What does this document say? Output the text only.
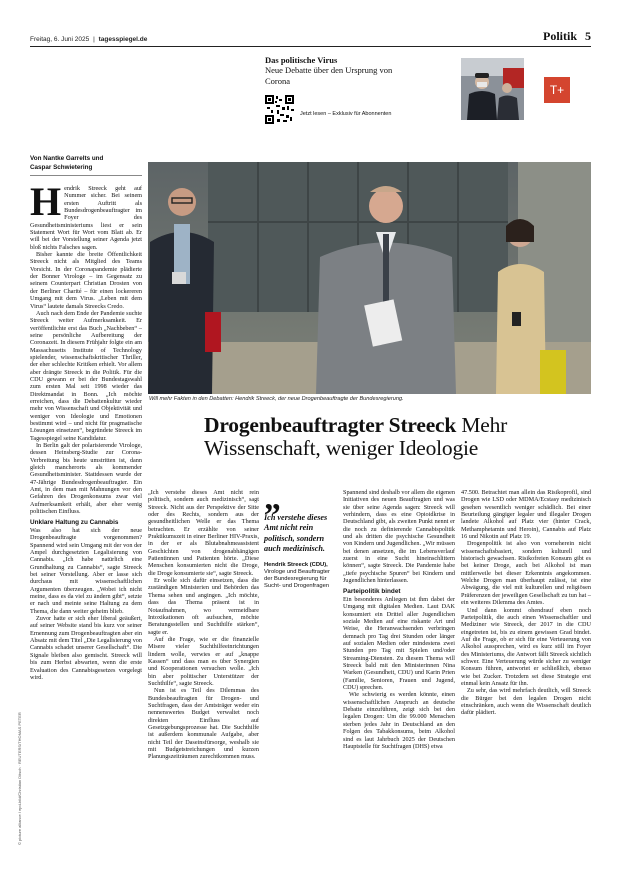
Freitag, 6. Juni 2025 | tagesspiegel.de	Politik 5
Das politische Virus
Neue Debatte über den Ursprung von Corona
Jetzt lesen – Exklusiv für Abonnenten
T+
Von Nantke Garrelts und
Caspar Schwietering
Will mehr Fakten in den Debatten: Hendrik Streeck, der neue Drogenbeauftragte der Bundesregierung.
© picture alliance / epd-bild/Christian Ditsch · REUTERS/THOMAS PETER
Drogenbeauftragter Streeck Mehr Wissenschaft, weniger Ideologie

H endrik Streeck geht auf Nummer sicher. Bei seinem ersten Auftritt als Bundesdrogenbeauftragter im Foyer des Gesundheitsministeriums liest er sein Statement Wort für Wort vom Blatt ab. Er will bei der Vorstellung seiner Agenda jetzt bloß nichts Falsches sagen.

Bisher kannte die breite Öffentlichkeit Streeck nicht als Mitglied des Teams Vorsicht. In der Coronapandemie plädierte der Bonner Virologe – im Gegensatz zu seinem Counterpart Christian Drosten von der Berliner Charité – für einen lockereren Umgang mit dem Virus. „Leben mit dem Virus“ lautete damals Streecks Credo.

Auch nach dem Ende der Pandemie suchte Streeck weiter Aufmerksamkeit. Er veröffentlichte erst das Buch „Nachbeben“ – seine persönliche Aufbereitung der Coronazeit. In diesem Frühjahr folgte ein am Massachusetts Institute of Technology spielender, wissenschaftskritischer Thriller, der eher schlechte Kritiken erhielt. Vor allem aber drängte Streeck in die Politik. Für die CDU gewann er bei der Bundestagswahl zum ersten Mal seit 1998 wieder das Direktmandat in Bonn. „Ich möchte erreichen, dass die Debattenkultur wieder mehr von Wissenschaft und Objektivität und weniger von Ideologie und Emotionen bestimmt wird – und nicht für pragmatische Lösungen einsetzen“, begründete Streeck im Tagesspiegel seine Kandidatur.

In Berlin galt der polarisierende Virologe, dessen Heinsberg-Studie zur Corona-Verbreitung bis heute umstritten ist, dann gleich mancherorts als kommender Gesundheitsminister. Stattdessen wurde der 47-Jährige Bundesdrogenbeauftragter. Ein Amt, in dem man mit Mahnungen vor den Gefahren des Drogenkonsums zwar viel Aufmerksamkeit erhält, aber eher wenig politischen Einfluss.

Unklare Haltung zu Cannabis

Was also hat sich der neue Drogenbeauftragte vorgenommen? Spannend wird sein Umgang mit der von der Ampel durchgesetzten Legalisierung von Cannabis. „Ich habe natürlich eine Grundhaltung zu Cannabis“, sagte Streeck bei seiner Vorstellung. Aber er lasse sich durchaus mit wissenschaftlichen Argumenten überzeugen. „Wobei ich nicht meine, dass es da viel zu ändern gibt“, setzte er nach und meinte seine Haltung zu dem Thema, die dann weiter geheim blieb.

Zuvor hatte er sich eher liberal geäußert, auf seiner Website stand bis kurz vor seiner Ernennung zum Drogenbeauftragten aber ein Absatz mit dem Titel „Die Legalisierung von Cannabis schadet unserer Gesellschaft“. Die Signale bleiben also gemischt. Streeck will bis zum Herbst abwarten, wenn die erste Evaluation des Cannabisgesetzes vorgelegt wird.

„Ich verstehe dieses Amt nicht rein politisch, sondern auch medizinisch“, sagt Streeck. Nicht aus der Perspektive der Sitte oder des Rechts, sondern aus der gesundheitlichen Welle er das Thema betrachten. Er erzählte von seiner Praktikumszeit in einer Berliner HIV-Praxis, in der er als Blutabnahmeassistent Geschichten von drogenabhängigen Patientinnen und Patienten hörte. „Diese Menschen konsumierten nicht die Droge, die Droge konsumierte sie“, sagte Streeck.

Er wolle sich dafür einsetzen, dass die zuständigen Ministerien und Behörden das Thema sehen und angingen. „Ich möchte, dass das Thema präsent ist in Notaufnahmen, wo vermeidbare Intoxikationen oft aufsuchen, möchte Beratungsstellen und Suchthilfe stärken“, sagte er.

Auf die Frage, wie er die finanzielle Misere vieler Suchthilfeeinrichtungen lindern wolle, verwies er auf „knappe Kassen“ und dass man es über Synergien und Kooperationen versuchen wolle. „Ich bin aber politischer Unterstützer der Suchthilfe“, sagte Streeck.

Nun ist es Teil des Dilemmas des Bundesbeauftragten für Drogen- und Suchtfragen, dass der Amtsträger weder ein nennenswertes Budget verwaltet noch direkten Einfluss auf Gesetzgebungsprozesse hat. Die Suchthilfe ist außerdem kommunale Aufgabe, aber nicht Teil der Daseinsfürsorge, weshalb sie mit Budgetstreichungen und kurzen Planungszeiträumen zurechtkommen muss.

„
Ich verstehe dieses Amt nicht rein politisch, sondern auch medizinisch.
Hendrik Streeck (CDU),
Virologe und Beauftragter der Bundesregierung für Sucht- und Drogenfragen

Spannend sind deshalb vor allem die eigenen Initiativen des neuen Beauftragten und was sie über seine Agenda sagen: Streeck will verhindern, dass es eine Opioidkrise in Deutschland gibt, als zweiten Punkt nennt er die noch zu definierende Cannabispolitik und als dritten die psychische Gesundheit von Kindern und Jugendlichen. „Wir müssen bei denen ansetzen, die im Lebensverlauf zuerst in eine Sucht hineinschlittern können“, sagte Streeck. Die Pandemie habe „tiefe psychische Spuren“ bei Kindern und Jugendlichen hinterlassen.

Parteipolitik bindet

Ein besonderes Anliegen ist ihm dabei der Umgang mit digitalen Medien. Laut DAK konsumiert ein Drittel aller Jugendlichen soziale Medien auf eine riskante Art und Weise, die Heranwachsenden verbringen demnach pro Tag drei Stunden oder länger auf sozialen Medien oder mindestens zwei Stunden pro Tag mit Spielen und/oder Streaming-Diensten. Zu diesem Thema will Streeck bald mit den Ministerinnen Nina Warken (Gesundheit, CDU) und Karin Prien (Familie, Senioren, Frauen und Jugend, CDU) sprechen.

Wie schwierig es werden könnte, einen wissenschaftlichen Anspruch an deutsche Debatte einzuführen, zeigt sich bei den legalen Drogen: Um die 99.000 Menschen sterben jedes Jahr in Deutschland an den Folgen des Tabakkonsums, beim Alkohol sind es laut Jahrbuch 2025 der Deutschen Hauptstelle für Suchtfragen (DHS) etwa

47.500. Betrachtet man allein das Risikoprofil, sind Drogen wie LSD oder MDMA/Ecstasy medizinisch gesehen wesentlich weniger schädlich. Bei einer Beurteilung gängiger legaler und illegaler Drogen landete Alkohol auf Platz vier (hinter Crack, Methamphetamin und Heroin), Cannabis auf Platz 16 und Nikotin auf Platz 19.

Drogenpolitik ist also von vorneherein nicht wissenschaftsbasiert, sondern kulturell und historisch gewachsen. Risikofreien Konsum gibt es bei keiner Droge, auch bei Alkohol ist man mittlerweile bei dieser Erkenntnis angekommen. Welche Drogen man überhaupt zulässt, ist eine Abwägung, die viel mit kulturellen und religiösen Präferenzen der jeweiligen Gesellschaft zu tun hat – ein weiteres Dilemma des Amtes.

Und dann kommt ohendrauf eben noch Parteipolitik, die auch einen Wissenschaftler und Mediziner wie Streeck, der 2017 in die CDU eingetreten ist, bis zu einem gewissen Grad bindet. Auf die Frage, ob er sich für eine Verteuerung von Alkohol aussprechen, wird es kurz still im Foyer des Ministeriums, die Antwort fällt Streeck sichtlich schwer. Eine Verteuerung würde sicher zu weniger Konsum führen, antwortet er schließlich, ebenso wie bei Zucker. Trotzdem sei diese Strategie erst einmal kein Ansatz für ihn.

Zu sehr, das wird mehrfach deutlich, will Streeck die Bürger bei den legalen Drogen nicht einschränken, auch wenn die Wissenschaft deutlich dafür plädiert.
